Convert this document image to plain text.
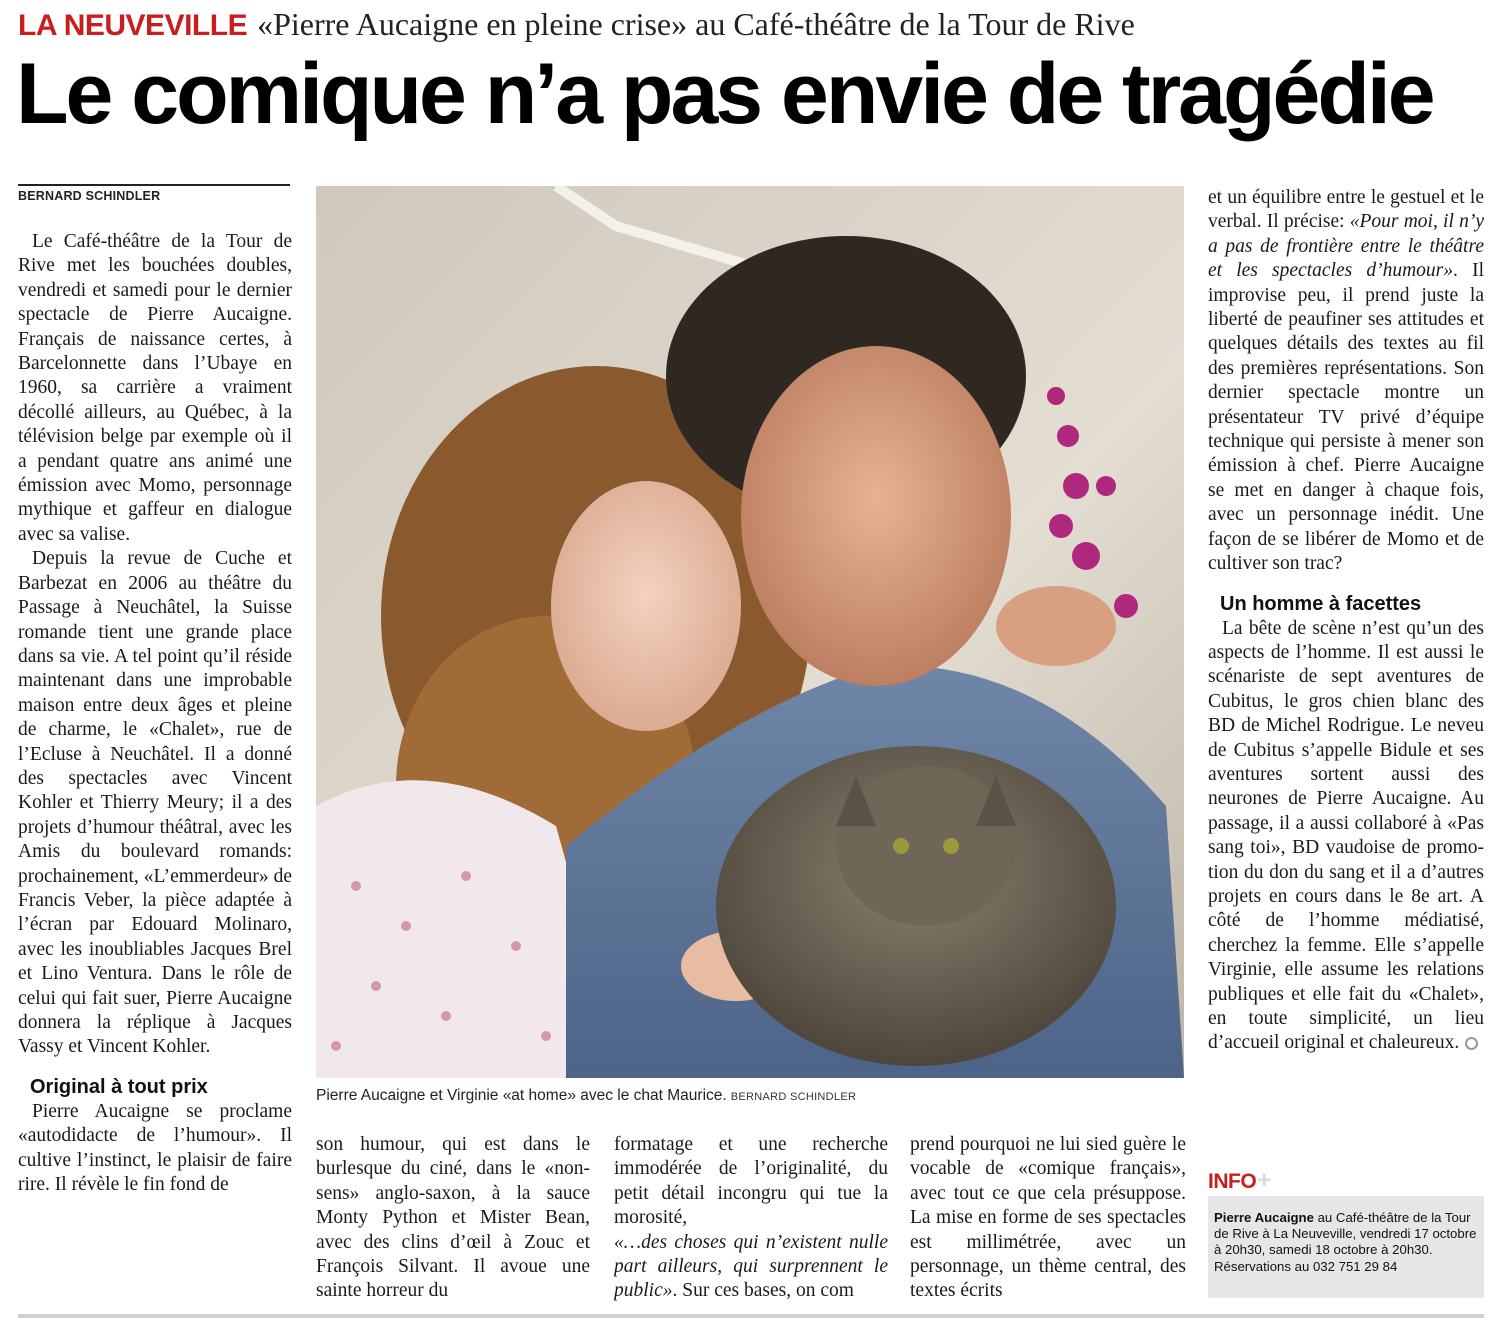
LA NEUVEVILLE «Pierre Aucaigne en pleine crise» au Café-théâtre de la Tour de Rive
Le comique n’a pas envie de tragédie
BERNARD SCHINDLER

Le Café-théâtre de la Tour de Rive met les bouchées doubles, vendredi et samedi pour le dernier spectacle de Pierre Aucaigne. Français de naissance certes, à Barcelonnette dans l’Ubaye en 1960, sa carrière a vraiment décollé ailleurs, au Québec, à la télévision belge par exemple où il a pendant quatre ans animé une émission avec Momo, personnage mythique et gaffeur en dialogue avec sa valise.

Depuis la revue de Cuche et Barbezat en 2006 au théâtre du Passage à Neuchâtel, la Suisse romande tient une grande place dans sa vie. A tel point qu’il réside maintenant dans une improbable maison entre deux âges et pleine de charme, le «Chalet», rue de l’Ecluse à Neuchâtel. Il a donné des spectacles avec Vincent Kohler et Thierry Meury; il a des projets d’humour théâtral, avec les Amis du boulevard romands: prochainement, «L’emmerdeur» de Francis Veber, la pièce adaptée à l’écran par Edouard Molinaro, avec les inoubliables Jacques Brel et Lino Ventura. Dans le rôle de celui qui fait suer, Pierre Aucaigne donnera la réplique à Jacques Vassy et Vincent Kohler.

Original à tout prix

Pierre Aucaigne se proclame «autodidacte de l’humour». Il cultive l’instinct, le plaisir de faire rire. Il révèle le fin fond de

Pierre Aucaigne et Virginie «at home» avec le chat Maurice. BERNARD SCHINDLER

son humour, qui est dans le burlesque du ciné, dans le «non-sens» anglo-saxon, à la sauce Monty Python et Mister Bean, avec des clins d’œil à Zouc et François Silvant. Il avoue une sainte horreur du

formatage et une recherche immodérée de l’originalité, du petit détail incongru qui tue la morosité,

«…des choses qui n’existent nulle part ailleurs, qui surprennent le public». Sur ces bases, on com

prend pourquoi ne lui sied guère le vocable de «comique français», avec tout ce que cela présuppose. La mise en forme de ses spectacles est millimétrée, avec un personnage, un thème central, des textes écrits

et un équilibre entre le gestuel et le verbal. Il précise: «Pour moi, il n’y a pas de frontière entre le théâtre et les spectacles d’humour». Il improvise peu, il prend juste la liberté de peaufiner ses attitudes et quelques détails des textes au fil des premières représentations. Son dernier spectacle montre un présentateur TV privé d’équipe technique qui persiste à mener son émission à chef. Pierre Aucaigne se met en danger à chaque fois, avec un personnage inédit. Une façon de se libérer de Momo et de cultiver son trac?

Un homme à facettes

La bête de scène n’est qu’un des aspects de l’homme. Il est aussi le scénariste de sept aventures de Cubitus, le gros chien blanc des BD de Michel Rodrigue. Le neveu de Cubitus s’appelle Bidule et ses aventures sortent aussi des neurones de Pierre Aucaigne. Au passage, il a aussi collaboré à «Pas sang toi», BD vaudoise de promotion du don du sang et il a d’autres projets en cours dans le 8e art. A côté de l’homme médiatisé, cherchez la femme. Elle s’appelle Virginie, elle assume les relations publiques et elle fait du «Chalet», en toute simplicité, un lieu d’accueil original et chaleureux.

INFO+
Pierre Aucaigne au Café-théâtre de la Tour de Rive à La Neuveville, vendredi 17 octobre à 20h30, samedi 18 octobre à 20h30. Réservations au 032 751 29 84
